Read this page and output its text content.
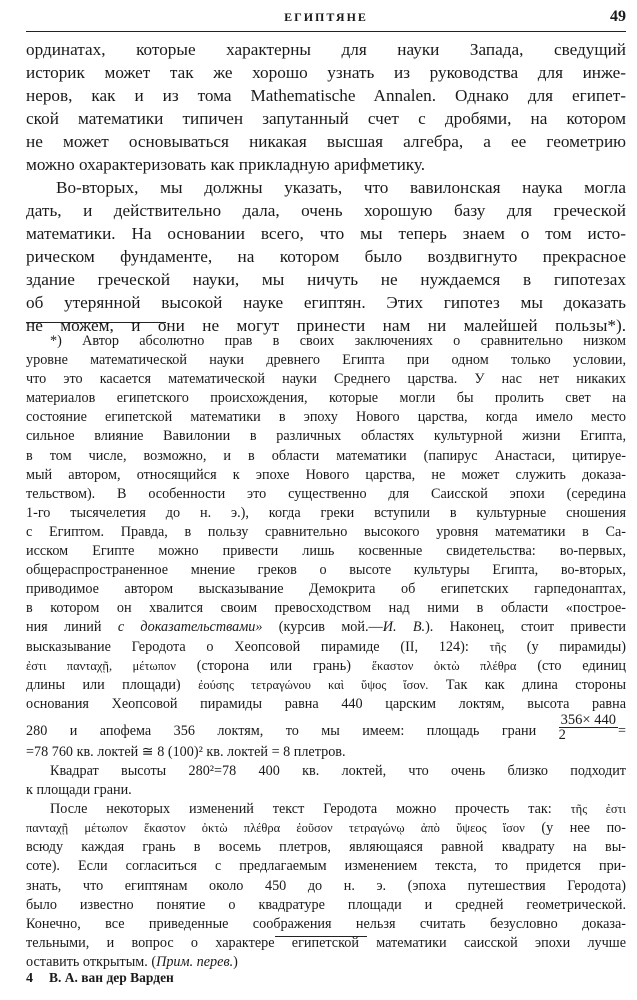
ЕГИПТЯНЕ	49
ординатах, которые характерны для науки Запада, сведущий
историк может так же хорошо узнать из руководства для инже-
неров, как и из тома Mathematische Annalen. Однако для египет-
ской математики типичен запутанный счет с дробями, на котором
не может основываться никакая высшая алгебра, а ее геометрию
можно охарактеризовать как прикладную арифметику.
Во-вторых, мы должны указать, что вавилонская наука могла
дать, и действительно дала, очень хорошую базу для греческой
математики. На основании всего, что мы теперь знаем о том исто-
рическом фундаменте, на котором было воздвигнуто прекрасное
здание греческой науки, мы ничуть не нуждаемся в гипотезах
об утерянной высокой науке египтян. Этих гипотез мы доказать
не можем, и они не могут принести нам ни малейшей пользы*).
*) Автор абсолютно прав в своих заключениях о сравнительно низком
уровне математической науки древнего Египта при одном только условии,
что это касается математической науки Среднего царства. У нас нет никаких
материалов египетского происхождения, которые могли бы пролить свет на
состояние египетской математики в эпоху Нового царства, когда имело место
сильное влияние Вавилонии в различных областях культурной жизни Египта,
в том числе, возможно, и в области математики (папирус Анастаси, цитируе-
мый автором, относящийся к эпохе Нового царства, не может служить доказа-
тельством). В особенности это существенно для Саисской эпохи (середина
1-го тысячелетия до н. э.), когда греки вступили в культурные сношения
с Египтом. Правда, в пользу сравнительно высокого уровня математики в Са-
исском Египте можно привести лишь косвенные свидетельства: во-первых,
общераспространенное мнение греков о высоте культуры Египта, во-вторых,
приводимое автором высказывание Демокрита об египетских гарпедонаптах,
в котором он хвалится своим превосходством над ними в области «построе-
ния линий с доказательствами» (курсив мой.—И. В.). Наконец, стоит привести
высказывание Геродота о Хеопсовой пирамиде (II, 124): τῆς (у пирамиды)
ἐστι πανταχῇ, μέτωπον (сторона или грань) ἕκαστον ὀκτὼ πλέθρα (сто единиц
длины или площади) ἐούσης τετραγώνου καὶ ὕψος ἴσον. Так как длина стороны
основания Хеопсовой пирамиды равна 440 царским локтям, высота равна
280 и апофема 356 локтям, то мы имеем: площадь грани $\frac{356\times 440}{2}$ =
=78 760 кв. локтей ≅ 8 (100)² кв. локтей = 8 плетров.
Квадрат высоты 280²=78 400 кв. локтей, что очень близко подходит
к площади грани.
После некоторых изменений текст Геродота можно прочесть так: τῆς ἐστι
πανταχῇ μέτωπον ἕκαστον ὀκτὼ πλέθρα ἐοῦσον τετραγώνῳ ἀπὸ ὕψεος ἴσον (у нее по-
всюду каждая грань в восемь плетров, являющаяся равной квадрату на вы-
соте). Если согласиться с предлагаемым изменением текста, то придется при-
знать, что египтянам около 450 до н. э. (эпоха путешествия Геродота)
было известно понятие о квадратуре площади и средней геометрической.
Конечно, все приведенные соображения нельзя считать безусловно доказа-
тельными, и вопрос о характере египетской математики саисской эпохи лучше
оставить открытым. (Прим. перев.)
4 В. А. ван дер Варден
